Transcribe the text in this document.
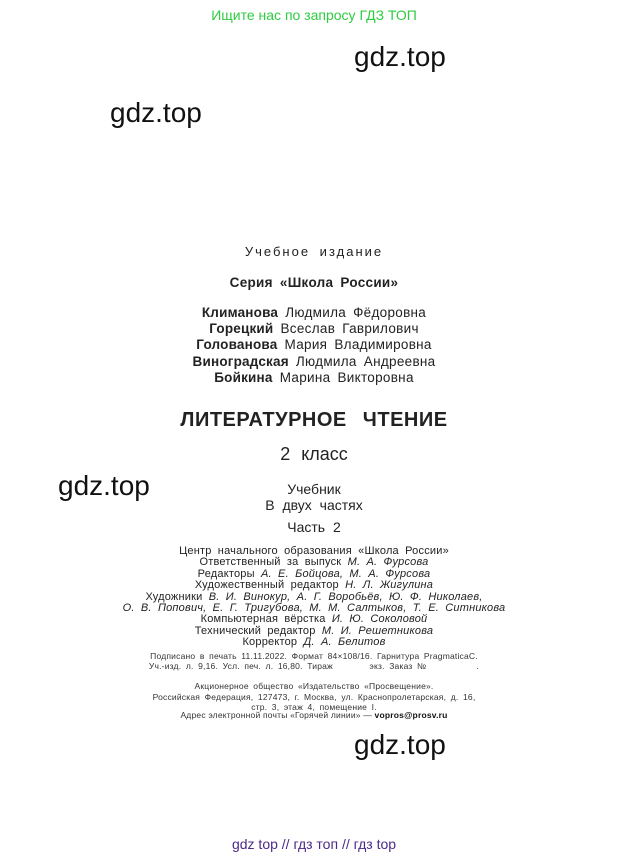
Ищите нас по запросу ГДЗ ТОП
gdz.top
gdz.top
gdz.top
gdz.top
Учебное издание
Серия «Школа России»
Климанова Людмила Фёдоровна
Горецкий Всеслав Гаврилович
Голованова Мария Владимировна
Виноградская Людмила Андреевна
Бойкина Марина Викторовна
ЛИТЕРАТУРНОЕ ЧТЕНИЕ
2 класс
Учебник
В двух частях
Часть 2
Центр начального образования «Школа России»
Ответственный за выпуск М. А. Фурсова
Редакторы А. Е. Бойцова, М. А. Фурсова
Художественный редактор Н. Л. Жигулина
Художники В. И. Винокур, А. Г. Воробьёв, Ю. Ф. Николаев,
О. В. Попович, Е. Г. Тригубова, М. М. Салтыков, Т. Е. Ситникова
Компьютерная вёрстка И. Ю. Соколовой
Технический редактор М. И. Решетникова
Корректор Д. А. Белитов
Подписано в печать 11.11.2022. Формат 84×108/16. Гарнитура PragmaticaC.
Уч.-изд. л. 9,16. Усл. печ. л. 16,80. Тираж        экз. Заказ №           .
Акционерное общество «Издательство «Просвещение».
Российская Федерация, 127473, г. Москва, ул. Краснопролетарская, д. 16,
стр. 3, этаж 4, помещение I.
Адрес электронной почты «Горячей линии» — vopros@prosv.ru
gdz top // гдз топ // гдз top
